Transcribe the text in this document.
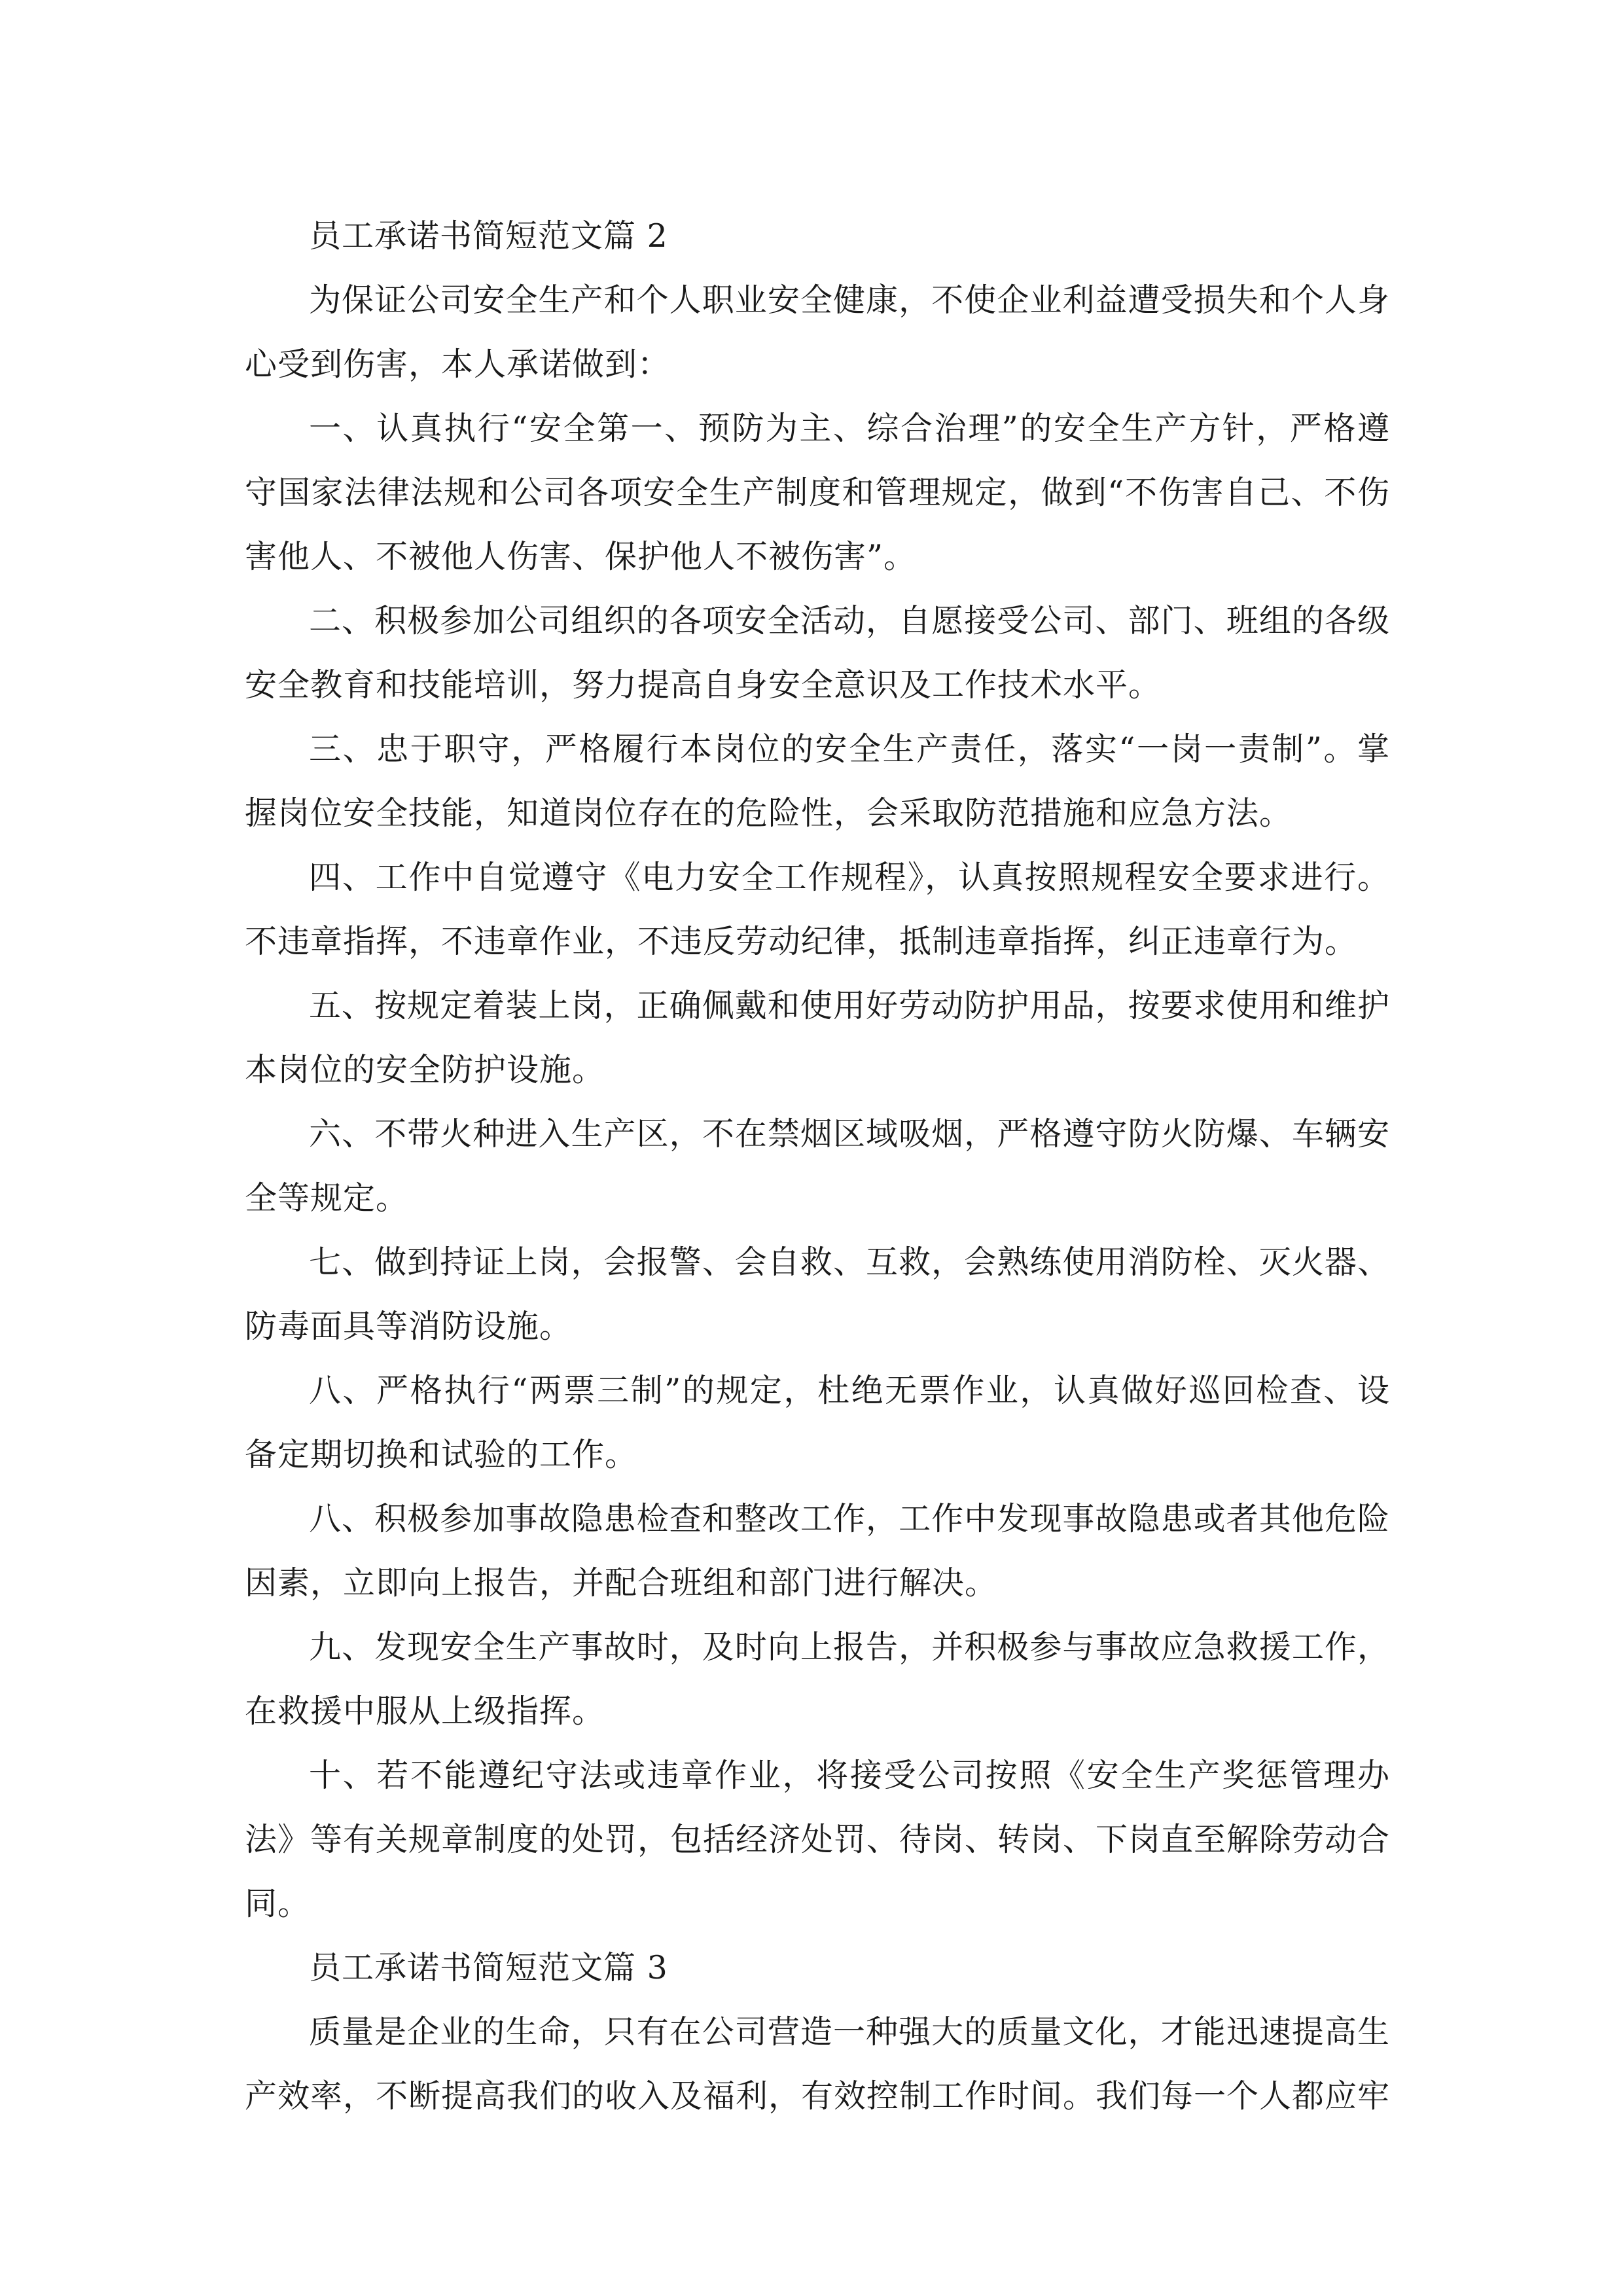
员工承诺书简短范文篇 2

为保证公司安全生产和个人职业安全健康，不使企业利益遭受损失和个人身心受到伤害，本人承诺做到：

一、认真执行“安全第一、预防为主、综合治理”的安全生产方针，严格遵守国家法律法规和公司各项安全生产制度和管理规定，做到“不伤害自己、不伤害他人、不被他人伤害、保护他人不被伤害”。

二、积极参加公司组织的各项安全活动，自愿接受公司、部门、班组的各级安全教育和技能培训，努力提高自身安全意识及工作技术水平。

三、忠于职守，严格履行本岗位的安全生产责任，落实“一岗一责制”。掌握岗位安全技能，知道岗位存在的危险性，会采取防范措施和应急方法。

四、工作中自觉遵守《电力安全工作规程》，认真按照规程安全要求进行。不违章指挥，不违章作业，不违反劳动纪律，抵制违章指挥，纠正违章行为。

五、按规定着装上岗，正确佩戴和使用好劳动防护用品，按要求使用和维护本岗位的安全防护设施。

六、不带火种进入生产区，不在禁烟区域吸烟，严格遵守防火防爆、车辆安全等规定。

七、做到持证上岗，会报警、会自救、互救，会熟练使用消防栓、灭火器、防毒面具等消防设施。

八、严格执行“两票三制”的规定，杜绝无票作业，认真做好巡回检查、设备定期切换和试验的工作。

八、积极参加事故隐患检查和整改工作，工作中发现事故隐患或者其他危险因素，立即向上报告，并配合班组和部门进行解决。

九、发现安全生产事故时，及时向上报告，并积极参与事故应急救援工作，在救援中服从上级指挥。

十、若不能遵纪守法或违章作业，将接受公司按照《安全生产奖惩管理办法》等有关规章制度的处罚，包括经济处罚、待岗、转岗、下岗直至解除劳动合同。

员工承诺书简短范文篇 3

质量是企业的生命，只有在公司营造一种强大的质量文化，才能迅速提高生产效率，不断提高我们的收入及福利，有效控制工作时间。我们每一个人都应牢
